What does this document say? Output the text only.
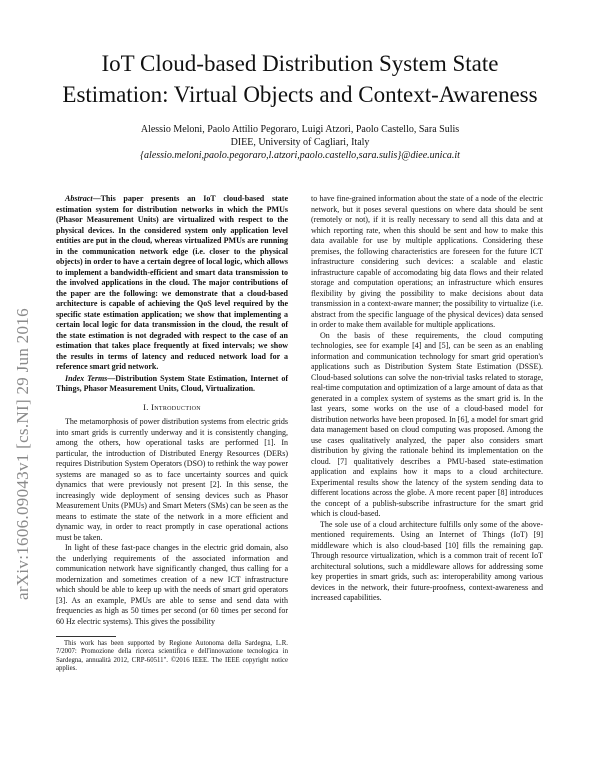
arXiv:1606.09043v1 [cs.NI] 29 Jun 2016
IoT Cloud-based Distribution System State
Estimation: Virtual Objects and Context-Awareness
Alessio Meloni, Paolo Attilio Pegoraro, Luigi Atzori, Paolo Castello, Sara Sulis
DIEE, University of Cagliari, Italy
{alessio.meloni,paolo.pegoraro,l.atzori,paolo.castello,sara.sulis}@diee.unica.it

Abstract—This paper presents an IoT cloud-based state estimation system for distribution networks in which the PMUs (Phasor Measurement Units) are virtualized with respect to the physical devices. In the considered system only application level entities are put in the cloud, whereas virtualized PMUs are running in the communication network edge (i.e. closer to the physical objects) in order to have a certain degree of local logic, which allows to implement a bandwidth-efficient and smart data transmission to the involved applications in the cloud. The major contributions of the paper are the following: we demonstrate that a cloud-based architecture is capable of achieving the QoS level required by the specific state estimation application; we show that implementing a certain local logic for data transmission in the cloud, the result of the state estimation is not degraded with respect to the case of an estimation that takes place frequently at fixed intervals; we show the results in terms of latency and reduced network load for a reference smart grid network.

Index Terms—Distribution System State Estimation, Internet of Things, Phasor Measurement Units, Cloud, Virtualization.

I. Introduction

The metamorphosis of power distribution systems from electric grids into smart grids is currently underway and it is consistently changing, among the others, how operational tasks are performed [1]. In particular, the introduction of Distributed Energy Resources (DERs) requires Distribution System Operators (DSO) to rethink the way power systems are managed so as to face uncertainty sources and quick dynamics that were previously not present [2]. In this sense, the increasingly wide deployment of sensing devices such as Phasor Measurement Units (PMUs) and Smart Meters (SMs) can be seen as the means to estimate the state of the network in a more efficient and dynamic way, in order to react promptly in case operational actions must be taken.

In light of these fast-pace changes in the electric grid domain, also the underlying requirements of the associated information and communication network have significantly changed, thus calling for a modernization and sometimes creation of a new ICT infrastructure which should be able to keep up with the needs of smart grid operators [3]. As an example, PMUs are able to sense and send data with frequencies as high as 50 times per second (or 60 times per second for 60 Hz electric systems). This gives the possibility

This work has been supported by Regione Autonoma della Sardegna, L.R. 7/2007: Promozione della ricerca scientifica e dell'innovazione tecnologica in Sardegna, annualità 2012, CRP-60511". ©2016 IEEE. The IEEE copyright notice applies.

to have fine-grained information about the state of a node of the electric network, but it poses several questions on where data should be sent (remotely or not), if it is really necessary to send all this data and at which reporting rate, when this should be sent and how to make this data available for use by multiple applications. Considering these premises, the following characteristics are foreseen for the future ICT infrastructure considering such devices: a scalable and elastic infrastructure capable of accomodating big data flows and their related storage and computation operations; an infrastructure which ensures flexibility by giving the possibility to make decisions about data transmission in a context-aware manner; the possibility to virtualize (i.e. abstract from the specific language of the physical devices) data sensed in order to make them available for multiple applications.

On the basis of these requirements, the cloud computing technologies, see for example [4] and [5], can be seen as an enabling information and communication technology for smart grid operation's applications such as Distribution System State Estimation (DSSE). Cloud-based solutions can solve the non-trivial tasks related to storage, real-time computation and optimization of a large amount of data as that generated in a complex system of systems as the smart grid is. In the last years, some works on the use of a cloud-based model for distribution networks have been proposed. In [6], a model for smart grid data management based on cloud computing was proposed. Among the use cases qualitatively analyzed, the paper also considers smart distribution by giving the rationale behind its implementation on the cloud. [7] qualitatively describes a PMU-based state-estimation application and explains how it maps to a cloud architecture. Experimental results show the latency of the system sending data to different locations across the globe. A more recent paper [8] introduces the concept of a publish-subscribe infrastructure for the smart grid which is cloud-based.

The sole use of a cloud architecture fulfills only some of the above-mentioned requirements. Using an Internet of Things (IoT) [9] middleware which is also cloud-based [10] fills the remaining gap. Through resource virtualization, which is a common trait of recent IoT architectural solutions, such a middleware allows for addressing some key properties in smart grids, such as: interoperability among various devices in the network, their future-proofness, context-awareness and increased capabilities.
